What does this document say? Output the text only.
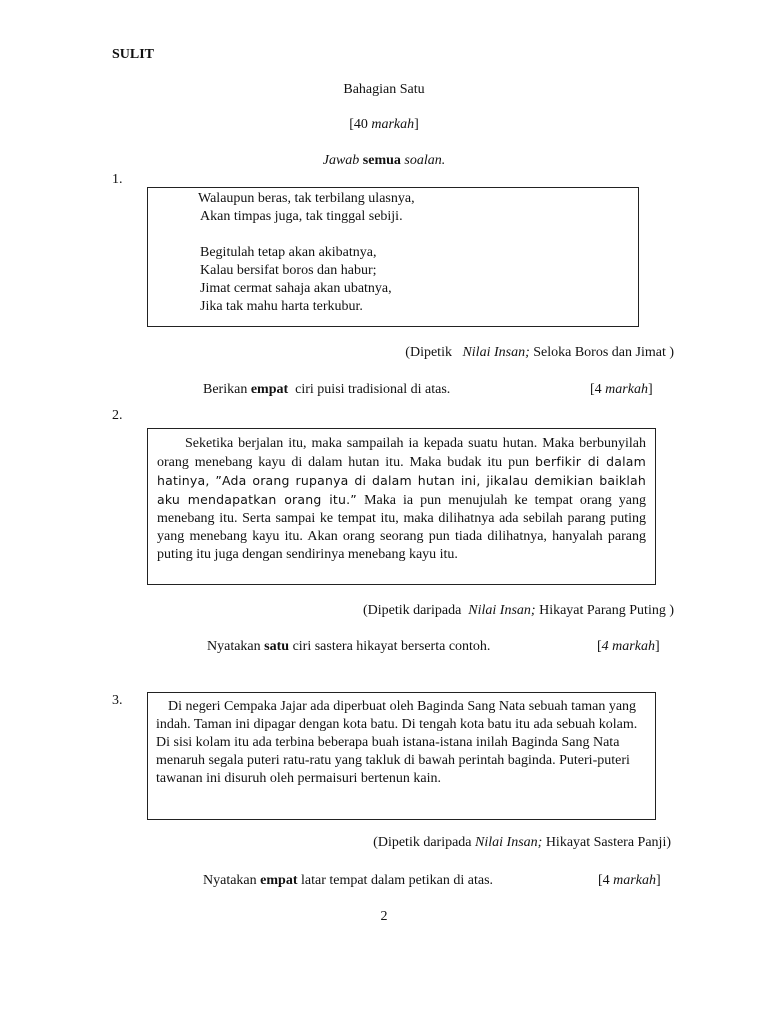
SULIT
Bahagian Satu
[40 markah]
Jawab semua soalan.
1.

Walaupun beras, tak terbilang ulasnya,

Akan timpas juga, tak tinggal sebiji.

Begitulah tetap akan akibatnya,

Kalau bersifat boros dan habur;

Jimat cermat sahaja akan ubatnya,

Jika tak mahu harta terkubur.

(Dipetik Nilai Insan; Seloka Boros dan Jimat )
Berikan empat ciri puisi tradisional di atas.	[4 markah]
2.
Seketika berjalan itu, maka sampailah ia kepada suatu hutan. Maka berbunyilah orang menebang kayu di dalam hutan itu. Maka budak itu pun berfikir di dalam hatinya, ”Ada orang rupanya di dalam hutan ini, jikalau demikian baiklah aku mendapatkan orang itu.” Maka ia pun menujulah ke tempat orang yang menebang itu. Serta sampai ke tempat itu, maka dilihatnya ada sebilah parang puting yang menebang kayu itu. Akan orang seorang pun tiada dilihatnya, hanyalah parang puting itu juga dengan sendirinya menebang kayu itu.
(Dipetik daripada Nilai Insan; Hikayat Parang Puting )
Nyatakan satu ciri sastera hikayat berserta contoh.	[4 markah]
3.	Di negeri Cempaka Jajar ada diperbuat oleh Baginda Sang Nata sebuah taman yang indah. Taman ini dipagar dengan kota batu. Di tengah kota batu itu ada sebuah kolam. Di sisi kolam itu ada terbina beberapa buah istana-istana inilah Baginda Sang Nata menaruh segala puteri ratu-ratu yang takluk di bawah perintah baginda. Puteri-puteri tawanan ini disuruh oleh permaisuri bertenun kain.
(Dipetik daripada Nilai Insan; Hikayat Sastera Panji)
Nyatakan empat latar tempat dalam petikan di atas.	[4 markah]
2
